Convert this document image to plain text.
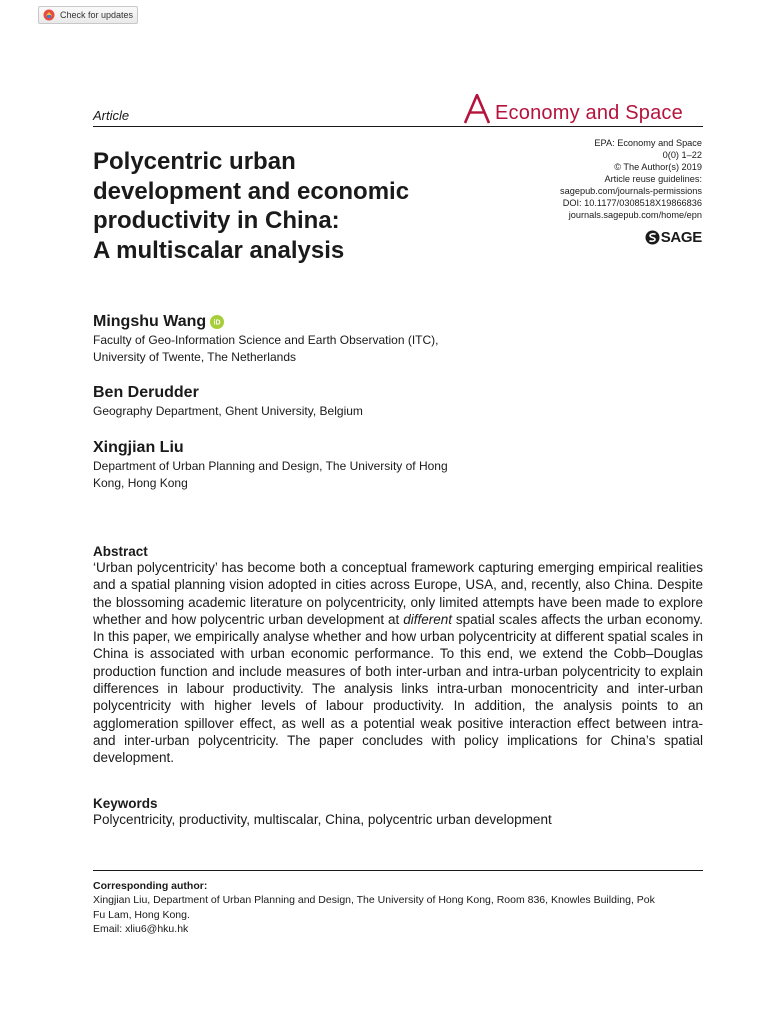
Check for updates
Article	Economy and Space
EPA: Economy and Space
0(0) 1–22
© The Author(s) 2019
Article reuse guidelines:
sagepub.com/journals-permissions
DOI: 10.1177/0308518X19866836
journals.sagepub.com/home/epn
SAGE
Polycentric urban
development and economic
productivity in China:
A multiscalar analysis
Mingshu Wang iD
Faculty of Geo-Information Science and Earth Observation (ITC),
University of Twente, The Netherlands
Ben Derudder
Geography Department, Ghent University, Belgium
Xingjian Liu
Department of Urban Planning and Design, The University of Hong
Kong, Hong Kong
Abstract
‘Urban polycentricity’ has become both a conceptual framework capturing emerging empirical realities and a spatial planning vision adopted in cities across Europe, USA, and, recently, also China. Despite the blossoming academic literature on polycentricity, only limited attempts have been made to explore whether and how polycentric urban development at different spatial scales affects the urban economy. In this paper, we empirically analyse whether and how urban polycentricity at different spatial scales in China is associated with urban economic performance. To this end, we extend the Cobb–Douglas production function and include measures of both inter-urban and intra-urban polycentricity to explain differences in labour productivity. The analysis links intra-urban monocentricity and inter-urban polycentricity with higher levels of labour productivity. In addition, the analysis points to an agglomeration spillover effect, as well as a potential weak positive interaction effect between intra- and inter-urban polycentricity. The paper concludes with policy implications for China’s spatial development.
Keywords
Polycentricity, productivity, multiscalar, China, polycentric urban development
Corresponding author:
Xingjian Liu, Department of Urban Planning and Design, The University of Hong Kong, Room 836, Knowles Building, Pok
Fu Lam, Hong Kong.
Email: xliu6@hku.hk
